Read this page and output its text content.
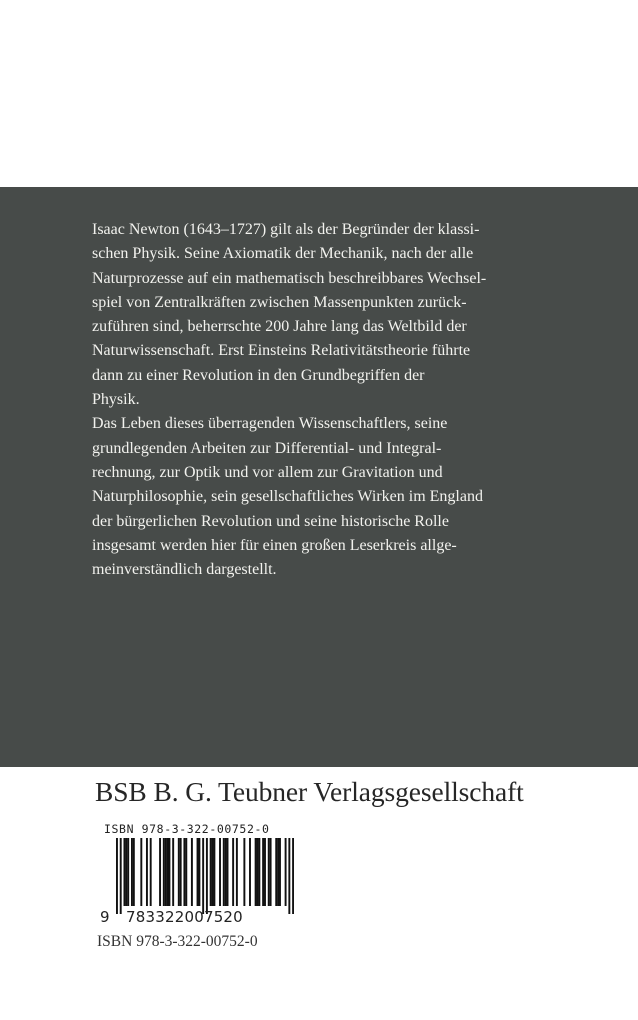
Isaac Newton (1643–1727) gilt als der Begründer der klassi-

schen Physik. Seine Axiomatik der Mechanik, nach der alle

Naturprozesse auf ein mathematisch beschreibbares Wechsel-

spiel von Zentralkräften zwischen Massenpunkten zurück-

zuführen sind, beherrschte 200 Jahre lang das Weltbild der

Naturwissenschaft. Erst Einsteins Relativitätstheorie führte

dann zu einer Revolution in den Grundbegriffen der

Physik.

Das Leben dieses überragenden Wissenschaftlers, seine

grundlegenden Arbeiten zur Differential- und Integral-

rechnung, zur Optik und vor allem zur Gravitation und

Naturphilosophie, sein gesellschaftliches Wirken im England

der bürgerlichen Revolution und seine historische Rolle

insgesamt werden hier für einen großen Leserkreis allge-

meinverständlich dargestellt.

BSB B. G. Teubner Verlagsgesellschaft
ISBN 978-3-322-00752-0
9 783322007520
ISBN 978-3-322-00752-0
